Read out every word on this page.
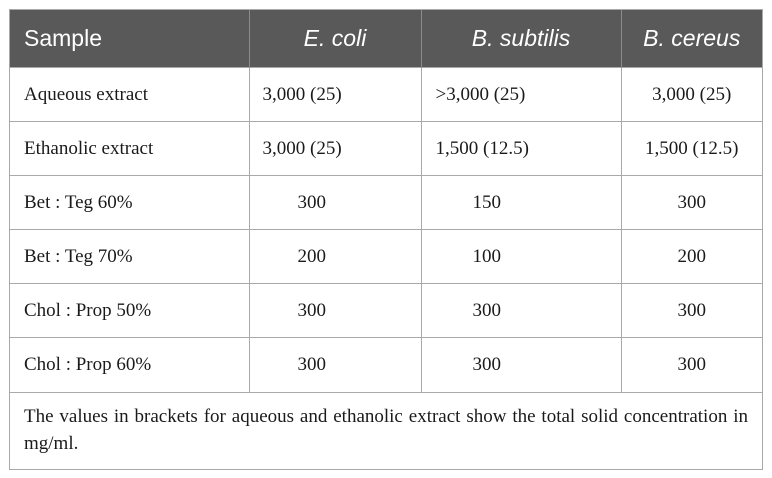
Sample	E. coli	B. subtilis	B. cereus
Aqueous extract	3,000 (25)	>3,000 (25)	3,000 (25)
Ethanolic extract	3,000 (25)	1,500 (12.5)	1,500 (12.5)
Bet : Teg 60%	300	150	300
Bet : Teg 70%	200	100	200
Chol : Prop 50%	300	300	300
Chol : Prop 60%	300	300	300
The values in brackets for aqueous and ethanolic extract show the total solid concentration in mg/ml.
